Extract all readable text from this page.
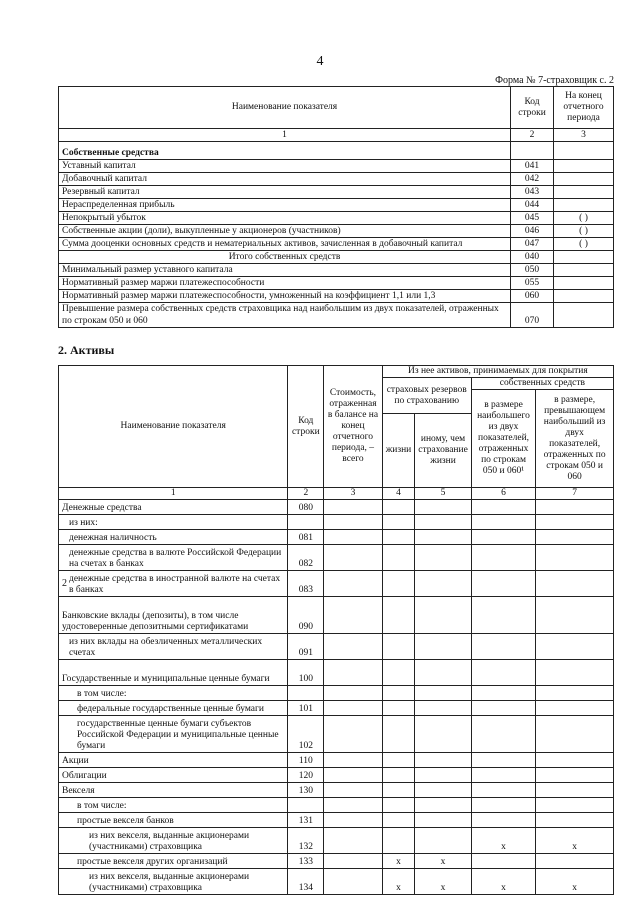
4
Форма № 7-страховщик с. 2
Наименование показателя	Код строки	На конец отчетного периода
1	2	3
Собственные средства		
Уставный капитал	041	
Добавочный капитал	042	
Резервный капитал	043	
Нераспределенная прибыль	044	
Непокрытый убыток	045	( )
Собственные акции (доли), выкупленные у акционеров (участников)	046	( )
Сумма дооценки основных средств и нематериальных активов, зачисленная в добавочный капитал	047	( )
Итого собственных средств	040	
Минимальный размер уставного капитала	050	
Нормативный размер маржи платежеспособности	055	
Нормативный размер маржи платежеспособности, умноженный на коэффициент 1,1 или 1,3	060	
Превышение размера собственных средств страховщика над наибольшим из двух показателей, отраженных по строкам 050 и 060	070	
2. Активы
Наименование показателя	Код строки	Стоимость, отраженная в балансе на конец отчетного периода, – всего	Из нее активов, принимаемых для покрытия			
			страховых резервов по страхованию		собственных средств	
					в размере наибольшего из двух показателей, отраженных по строкам 050 и 060¹	в размере, превышающем наибольший из двух показателей, отраженных по строкам 050 и 060
			жизни	иному, чем страхование жизни		
1	2	3	4	5	6	7
Денежные средства	080					
из них:						
денежная наличность	081					
денежные средства в валюте Российской Федерации на счетах в банках	082					
денежные средства в иностранной валюте на счетах в банках	083					
Банковские вклады (депозиты), в том числе удостоверенные депозитными сертификатами	090					
из них вклады на обезличенных металлических счетах	091					
Государственные и муниципальные ценные бумаги	100					
в том числе:						
федеральные государственные ценные бумаги	101					
государственные ценные бумаги субъектов Российской Федерации и муниципальные ценные бумаги	102					
Акции	110					
Облигации	120					
Векселя	130					
в том числе:						
простые векселя банков	131					
из них векселя, выданные акционерами (участниками) страховщика	132				x	x
простые векселя других организаций	133		x	x		
из них векселя, выданные акционерами (участниками) страховщика	134		x	x	x	x
2
